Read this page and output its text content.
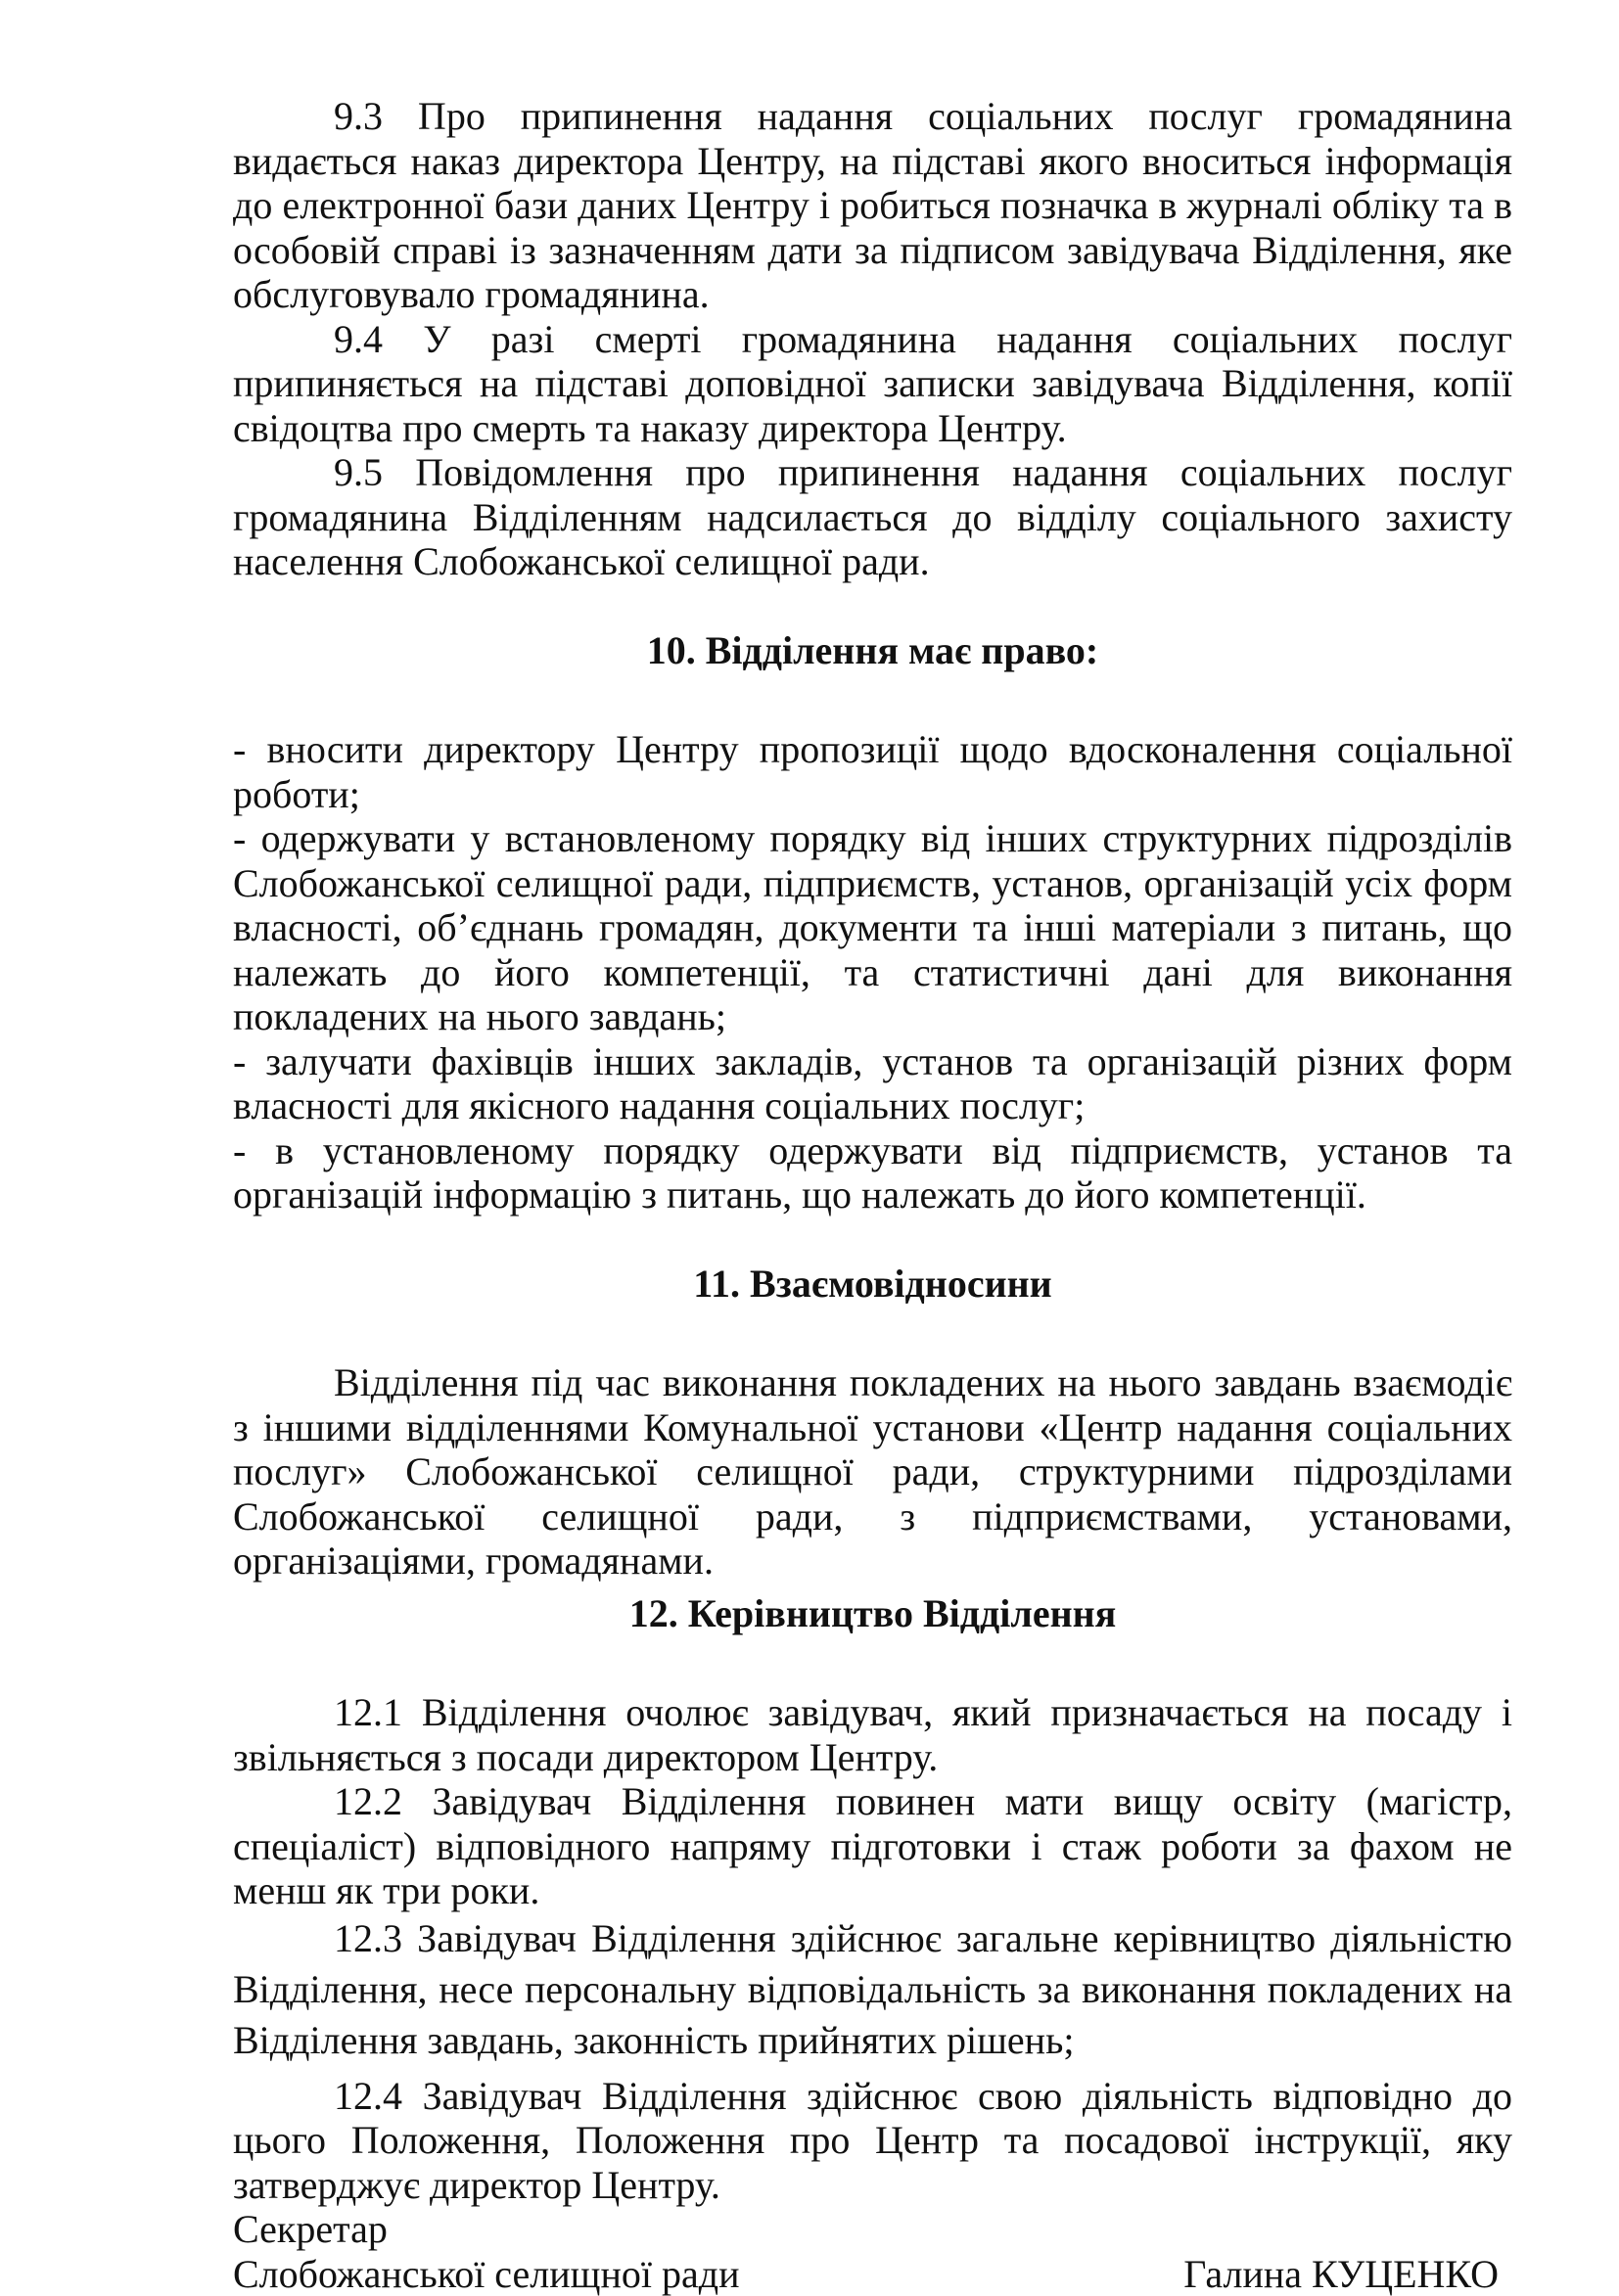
9.3 Про припинення надання соціальних послуг громадянина видається наказ директора Центру, на підставі якого вноситься інформація до електронної бази даних Центру і робиться позначка в журналі обліку та в особовій справі із зазначенням дати за підписом завідувача Відділення, яке обслуговувало громадянина.

9.4 У разі смерті громадянина надання соціальних послуг припиняється на підставі доповідної записки завідувача Відділення, копії свідоцтва про смерть та наказу директора Центру.

9.5 Повідомлення про припинення надання соціальних послуг громадянина Відділенням надсилається до відділу соціального захисту населення Слобожанської селищної ради.

10. Відділення має право:

- вносити директору Центру пропозиції щодо вдосконалення соціальної роботи;

- одержувати у встановленому порядку від інших структурних підрозділів Слобожанської селищної ради, підприємств, установ, організацій усіх форм власності, об’єднань громадян, документи та інші матеріали з питань, що належать до його компетенції, та статистичні дані для виконання покладених на нього завдань;

- залучати фахівців інших закладів, установ та організацій різних форм власності для якісного надання соціальних послуг;

- в установленому порядку одержувати від підприємств, установ та організацій інформацію з питань, що належать до його компетенції.

11. Взаємовідносини

Відділення під час виконання покладених на нього завдань взаємодіє з іншими відділеннями Комунальної установи «Центр надання соціальних послуг» Слобожанської селищної ради, структурними підрозділами Слобожанської селищної ради, з підприємствами, установами, організаціями, громадянами.

12. Керівництво Відділення

12.1 Відділення очолює завідувач, який призначається на посаду і звільняється з посади директором Центру.

12.2 Завідувач Відділення повинен мати вищу освіту (магістр, спеціаліст) відповідного напряму підготовки і стаж роботи за фахом не менш як три роки.

12.3 Завідувач Відділення здійснює загальне керівництво діяльністю Відділення, несе персональну відповідальність за виконання покладених на Відділення завдань, законність прийнятих рішень;

12.4 Завідувач Відділення здійснює свою діяльність відповідно до цього Положення, Положення про Центр та посадової інструкції, яку затверджує директор Центру.

Секретар

Слобожанської селищної ради	Галина КУЦЕНКО
